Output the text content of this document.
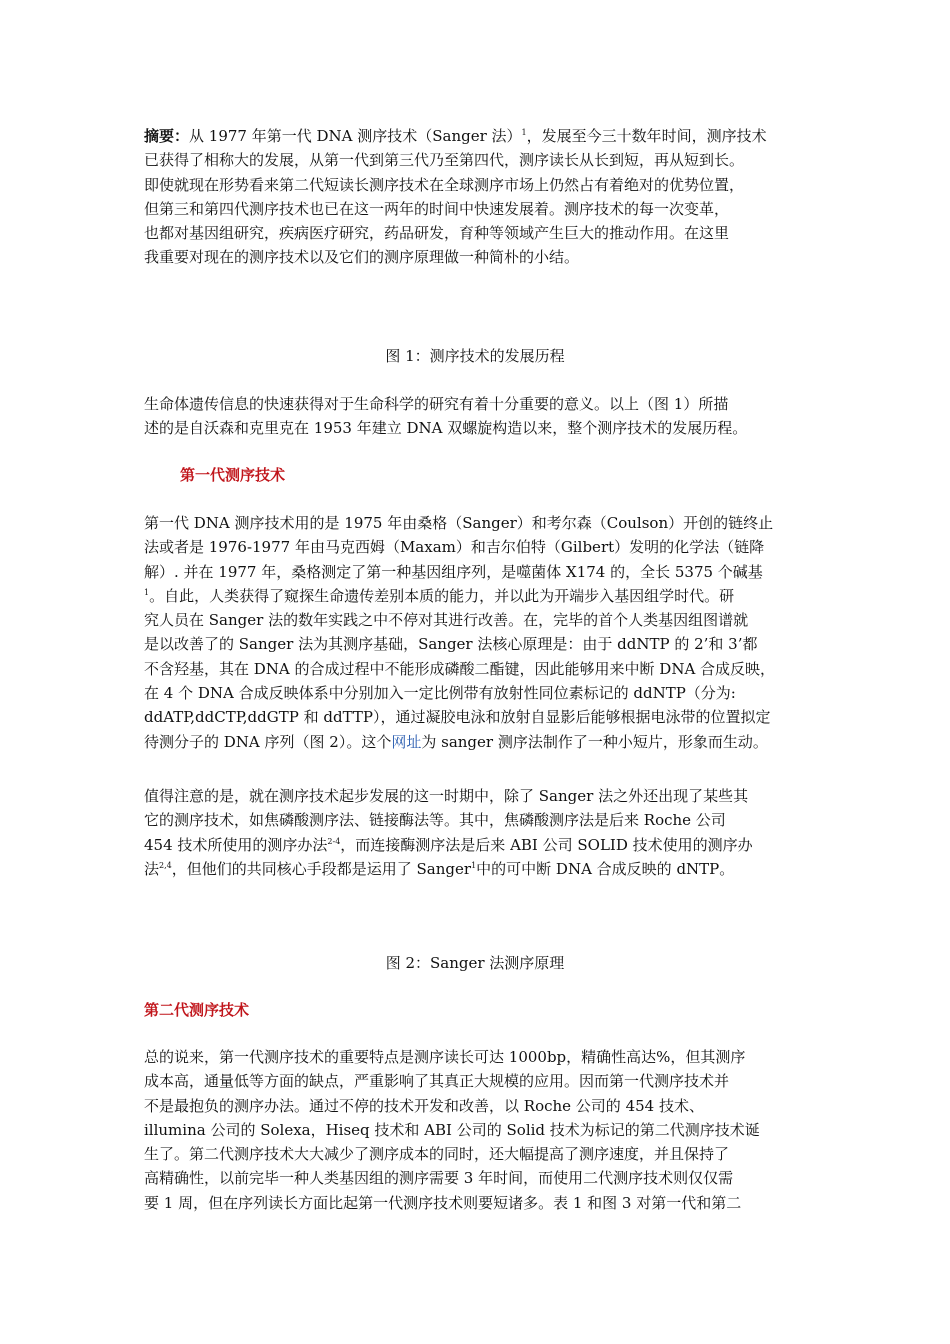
摘要：从 1977 年第一代 DNA 测序技术（Sanger 法）$^1$，发展至今三十数年时间，测序技术
已获得了相称大的发展，从第一代到第三代乃至第四代，测序读长从长到短，再从短到长。
即使就现在形势看来第二代短读长测序技术在全球测序市场上仍然占有着绝对的优势位置，
但第三和第四代测序技术也已在这一两年的时间中快速发展着。测序技术的每一次变革，
也都对基因组研究，疾病医疗研究，药品研发，育种等领域产生巨大的推动作用。在这里
我重要对现在的测序技术以及它们的测序原理做一种简朴的小结。

图 1：测序技术的发展历程

生命体遗传信息的快速获得对于生命科学的研究有着十分重要的意义。以上（图 1）所描
述的是自沃森和克里克在 1953 年建立 DNA 双螺旋构造以来，整个测序技术的发展历程。

第一代测序技术

第一代 DNA 测序技术用的是 1975 年由桑格（Sanger）和考尔森（Coulson）开创的链终止
法或者是 1976-1977 年由马克西姆（Maxam）和吉尔伯特（Gilbert）发明的化学法（链降
解）. 并在 1977 年，桑格测定了第一种基因组序列，是噬菌体 X174 的，全长 5375 个碱基
$^1$。自此，人类获得了窥探生命遗传差别本质的能力，并以此为开端步入基因组学时代。研
究人员在 Sanger 法的数年实践之中不停对其进行改善。在，完毕的首个人类基因组图谱就
是以改善了的 Sanger 法为其测序基础，Sanger 法核心原理是：由于 ddNTP 的 2’和 3’都
不含羟基，其在 DNA 的合成过程中不能形成磷酸二酯键，因此能够用来中断 DNA 合成反映，
在 4 个 DNA 合成反映体系中分别加入一定比例带有放射性同位素标记的 ddNTP（分为:
ddATP,ddCTP,ddGTP 和 ddTTP），通过凝胶电泳和放射自显影后能够根据电泳带的位置拟定
待测分子的 DNA 序列（图 2）。这个网址为 sanger 测序法制作了一种小短片，形象而生动。
值得注意的是，就在测序技术起步发展的这一时期中，除了 Sanger 法之外还出现了某些其
它的测序技术，如焦磷酸测序法、链接酶法等。其中，焦磷酸测序法是后来 Roche 公司
454 技术所使用的测序办法$^{2-4}$，而连接酶测序法是后来 ABI 公司 SOLID 技术使用的测序办
法$^{2,4}$，但他们的共同核心手段都是运用了 Sanger$^1$中的可中断 DNA 合成反映的 dNTP。

图 2：Sanger 法测序原理

第二代测序技术

总的说来，第一代测序技术的重要特点是测序读长可达 1000bp，精确性高达%，但其测序
成本高，通量低等方面的缺点，严重影响了其真正大规模的应用。因而第一代测序技术并
不是最抱负的测序办法。通过不停的技术开发和改善，以 Roche 公司的 454 技术、
illumina 公司的 Solexa，Hiseq 技术和 ABI 公司的 Solid 技术为标记的第二代测序技术诞
生了。第二代测序技术大大减少了测序成本的同时，还大幅提高了测序速度，并且保持了
高精确性，以前完毕一种人类基因组的测序需要 3 年时间，而使用二代测序技术则仅仅需
要 1 周，但在序列读长方面比起第一代测序技术则要短诸多。表 1 和图 3 对第一代和第二
